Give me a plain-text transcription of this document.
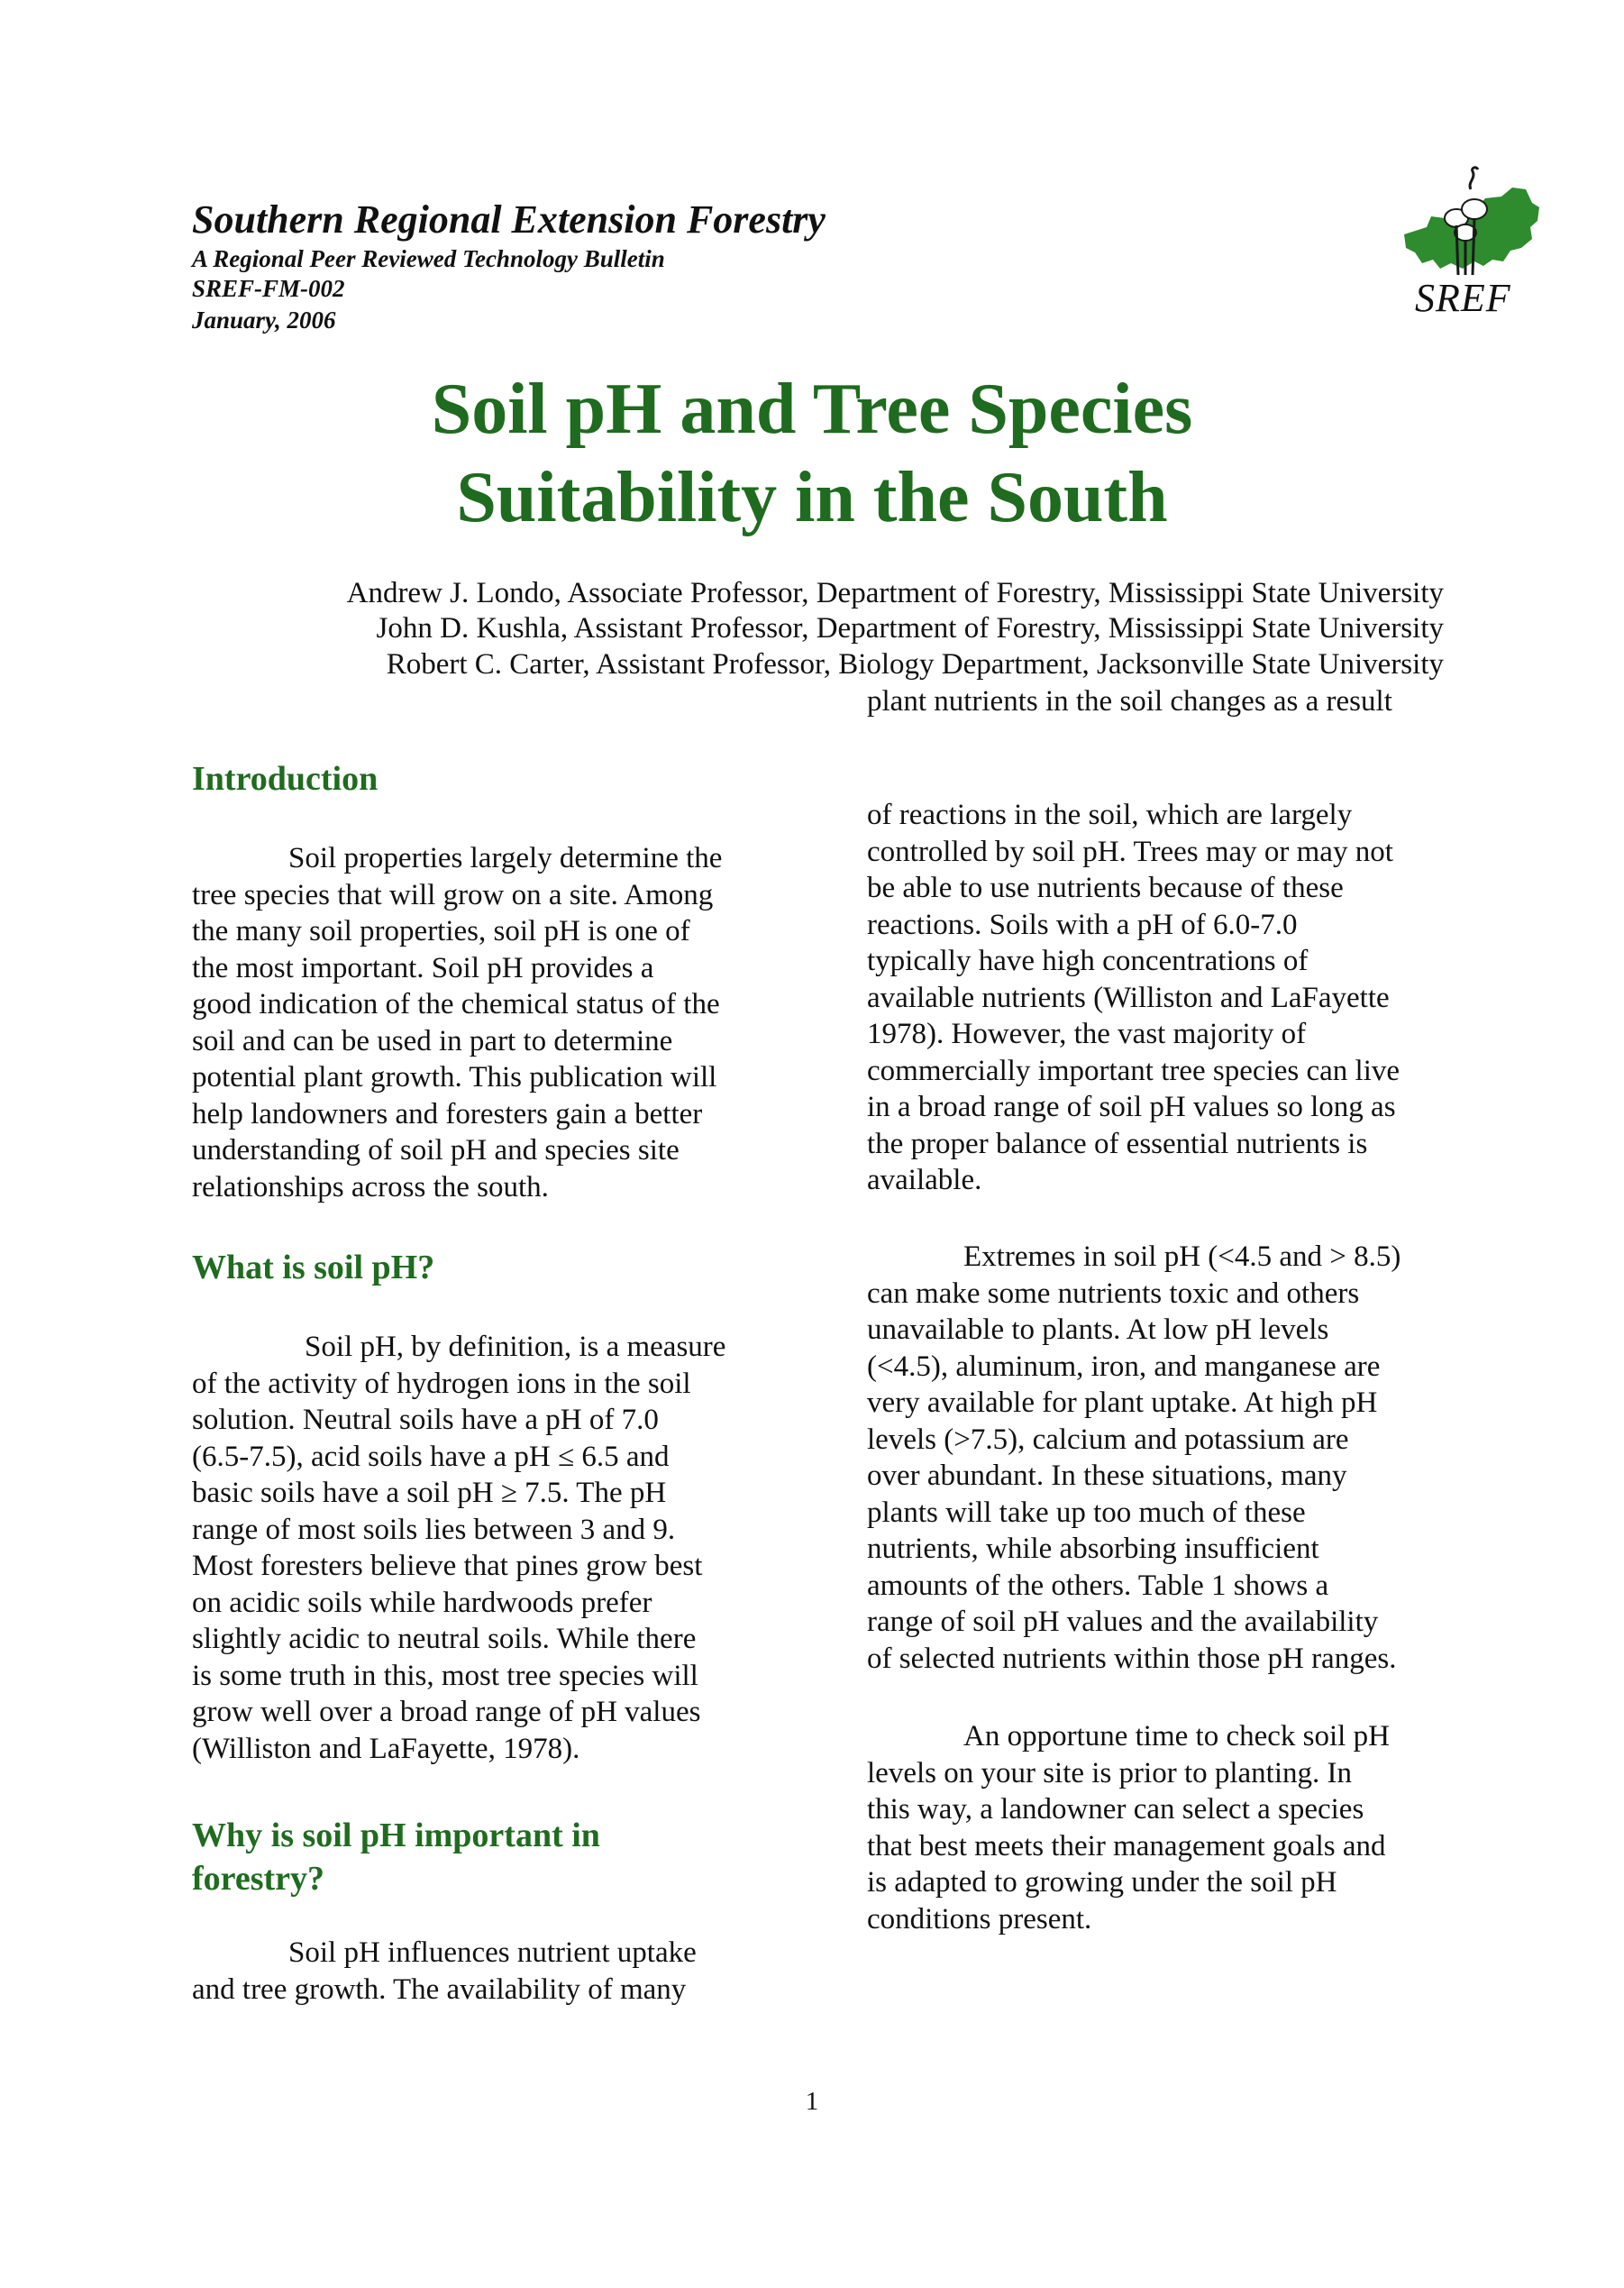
Southern Regional Extension Forestry
A Regional Peer Reviewed Technology Bulletin
SREF-FM-002
January, 2006	SREF
Soil pH and Tree Species
Suitability in the South
Andrew J. Londo, Associate Professor, Department of Forestry, Mississippi State University
John D. Kushla, Assistant Professor, Department of Forestry, Mississippi State University
Robert C. Carter, Assistant Professor, Biology Department, Jacksonville State University
plant nutrients in the soil changes as a result
Introduction
What is soil pH?
Why is soil pH important in
forestry?
Soil properties largely determine the
tree species that will grow on a site. Among
the many soil properties, soil pH is one of
the most important. Soil pH provides a
good indication of the chemical status of the
soil and can be used in part to determine
potential plant growth. This publication will
help landowners and foresters gain a better
understanding of soil pH and species site
relationships across the south.
Soil pH, by definition, is a measure
of the activity of hydrogen ions in the soil
solution. Neutral soils have a pH of 7.0
(6.5-7.5), acid soils have a pH ≤ 6.5 and
basic soils have a soil pH ≥ 7.5. The pH
range of most soils lies between 3 and 9.
Most foresters believe that pines grow best
on acidic soils while hardwoods prefer
slightly acidic to neutral soils. While there
is some truth in this, most tree species will
grow well over a broad range of pH values
(Williston and LaFayette, 1978).
Soil pH influences nutrient uptake
and tree growth. The availability of many
of reactions in the soil, which are largely
controlled by soil pH. Trees may or may not
be able to use nutrients because of these
reactions. Soils with a pH of 6.0-7.0
typically have high concentrations of
available nutrients (Williston and LaFayette
1978). However, the vast majority of
commercially important tree species can live
in a broad range of soil pH values so long as
the proper balance of essential nutrients is
available.
Extremes in soil pH (<4.5 and > 8.5)
can make some nutrients toxic and others
unavailable to plants. At low pH levels
(<4.5), aluminum, iron, and manganese are
very available for plant uptake. At high pH
levels (>7.5), calcium and potassium are
over abundant. In these situations, many
plants will take up too much of these
nutrients, while absorbing insufficient
amounts of the others. Table 1 shows a
range of soil pH values and the availability
of selected nutrients within those pH ranges.
An opportune time to check soil pH
levels on your site is prior to planting. In
this way, a landowner can select a species
that best meets their management goals and
is adapted to growing under the soil pH
conditions present.
1
